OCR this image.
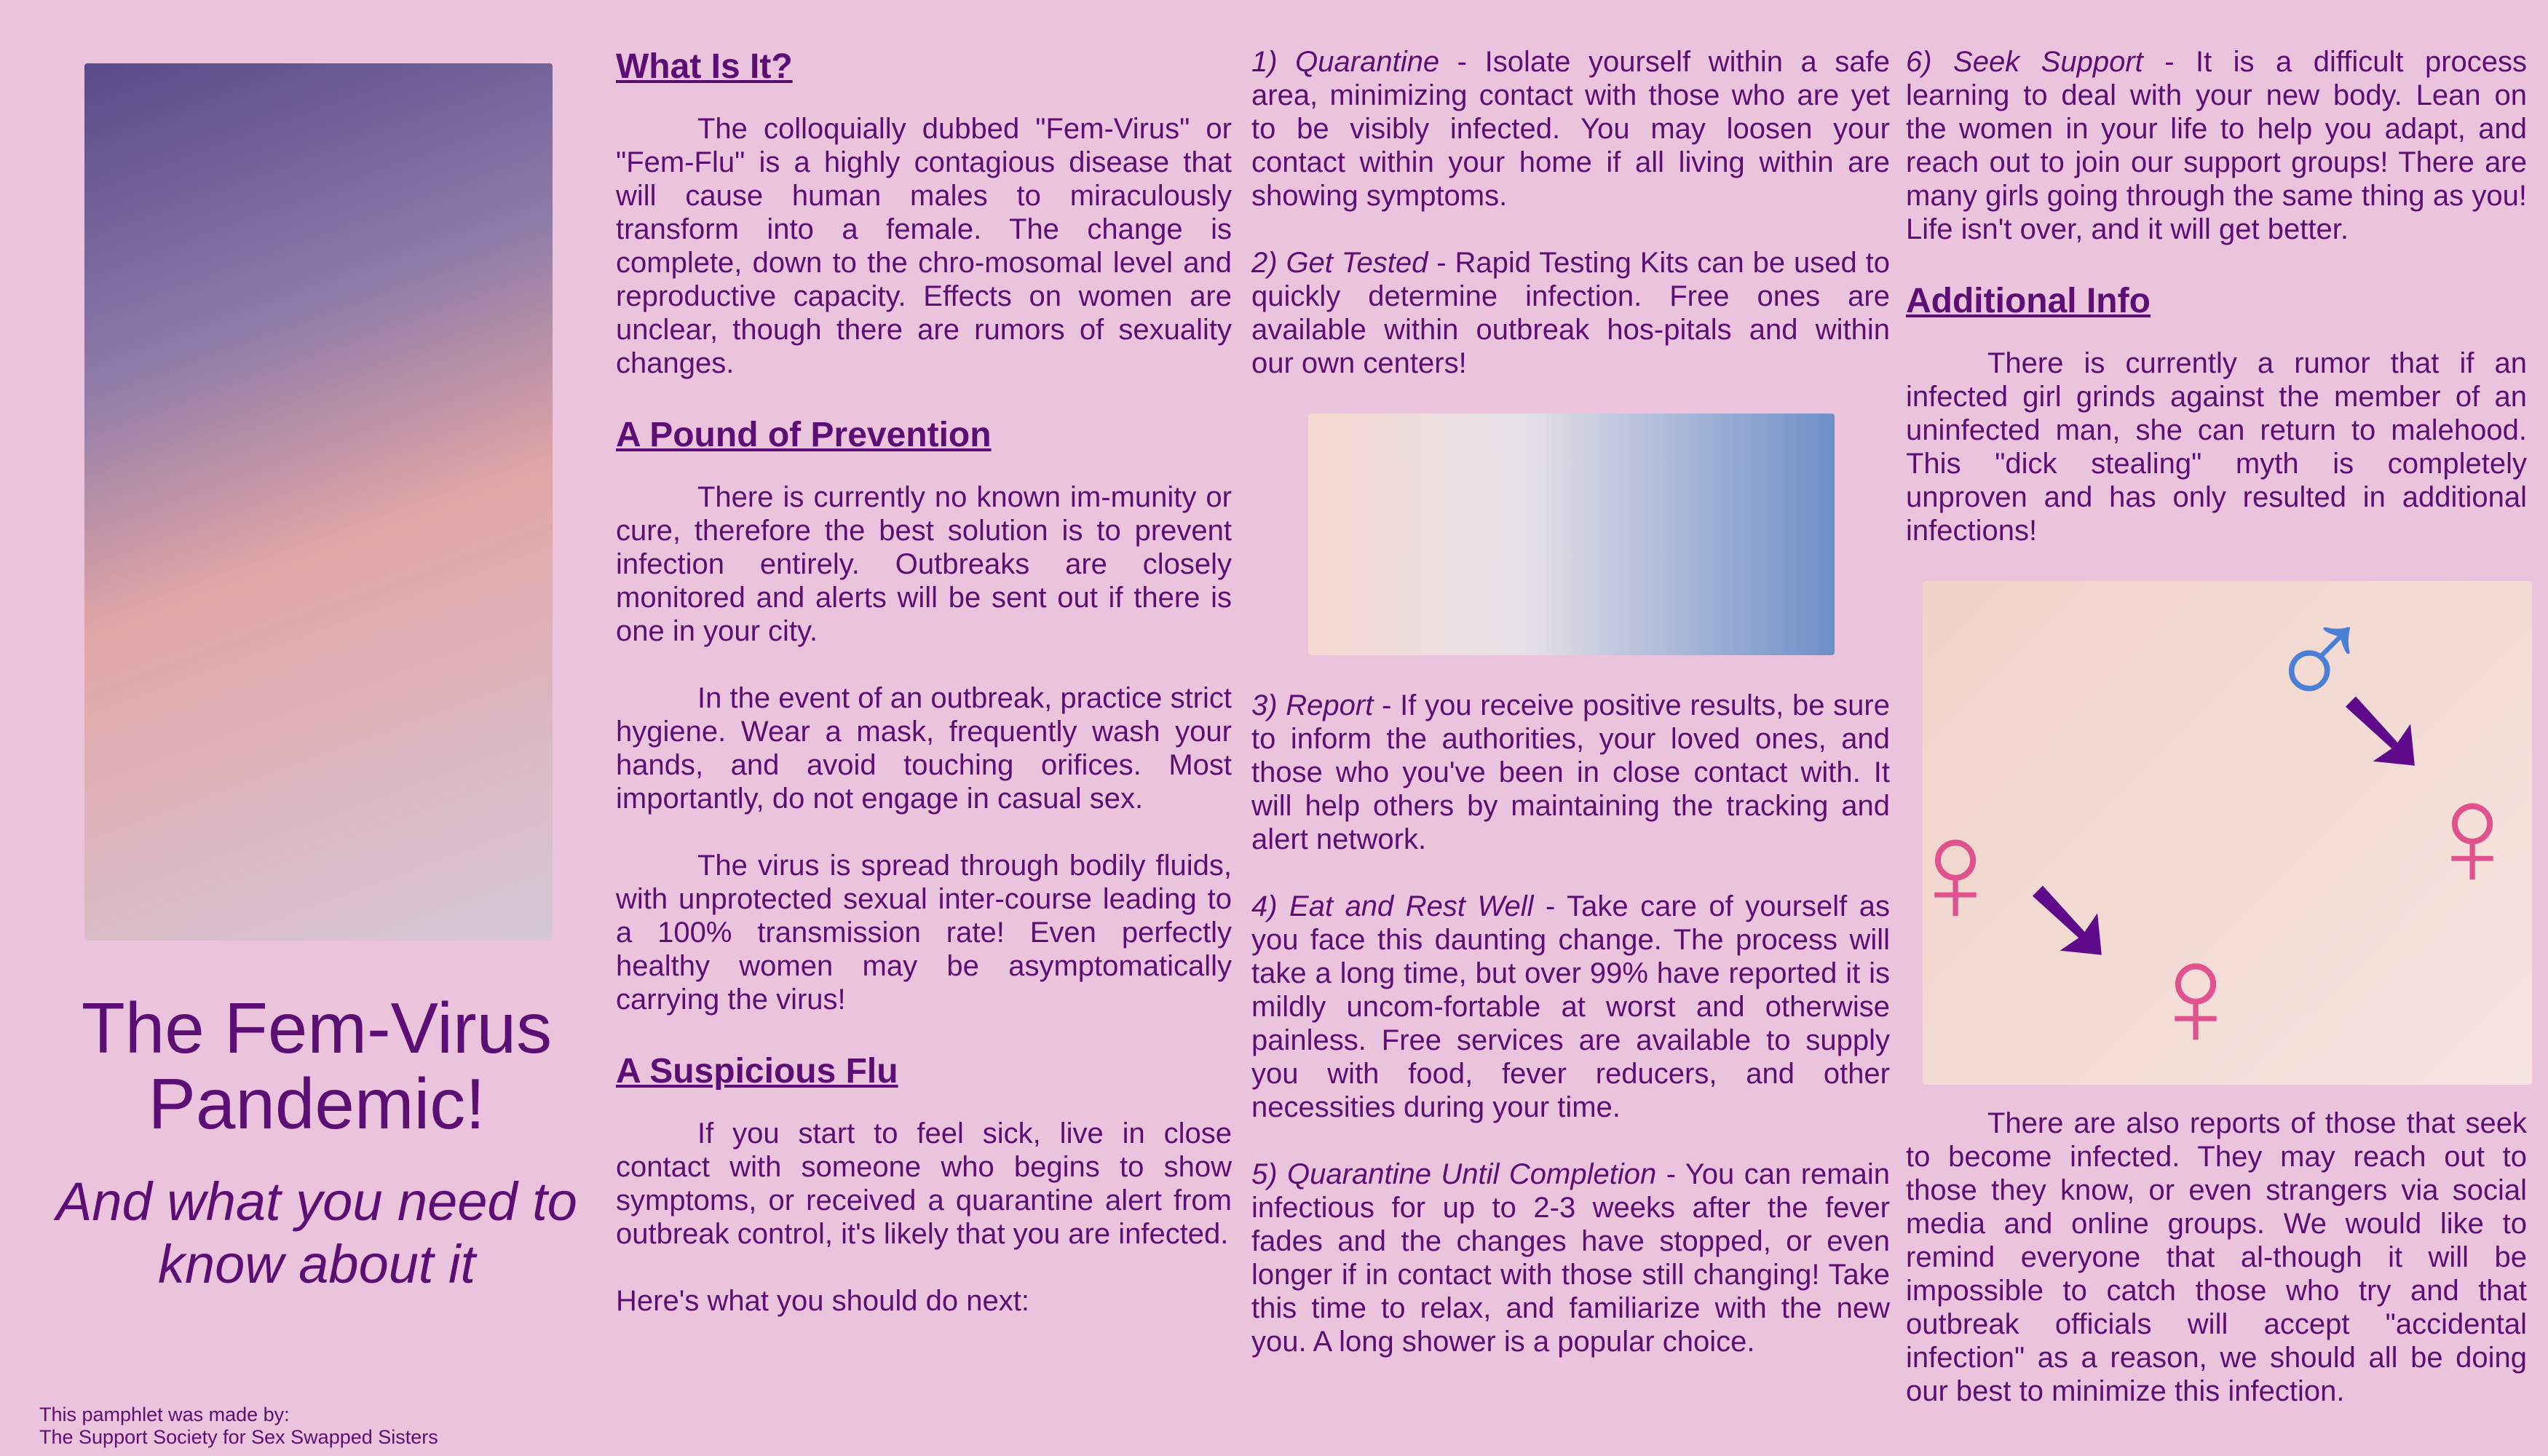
The Fem-Virus Pandemic!
And what you need to know about it
This pamphlet was made by:
The Support Society for Sex Swapped Sisters
What Is It?

The colloquially dubbed "Fem-Virus" or "Fem-Flu" is a highly contagious disease that will cause human males to miraculously transform into a female. The change is complete, down to the chro-mosomal level and reproductive capacity. Effects on women are unclear, though there are rumors of sexuality changes.

A Pound of Prevention

There is currently no known im-munity or cure, therefore the best solution is to prevent infection entirely. Outbreaks are closely monitored and alerts will be sent out if there is one in your city.

In the event of an outbreak, practice strict hygiene. Wear a mask, frequently wash your hands, and avoid touching orifices. Most importantly, do not engage in casual sex.

The virus is spread through bodily fluids, with unprotected sexual inter-course leading to a 100% transmission rate! Even perfectly healthy women may be asymptomatically carrying the virus!

A Suspicious Flu

If you start to feel sick, live in close contact with someone who begins to show symptoms, or received a quarantine alert from outbreak control, it's likely that you are infected.

Here's what you should do next:

1) Quarantine - Isolate yourself within a safe area, minimizing contact with those who are yet to be visibly infected. You may loosen your contact within your home if all living within are showing symptoms.

2) Get Tested - Rapid Testing Kits can be used to quickly determine infection. Free ones are available within outbreak hos-pitals and within our own centers!

3) Report - If you receive positive results, be sure to inform the authorities, your loved ones, and those who you've been in close contact with. It will help others by maintaining the tracking and alert network.

4) Eat and Rest Well - Take care of yourself as you face this daunting change. The process will take a long time, but over 99% have reported it is mildly uncom-fortable at worst and otherwise painless. Free services are available to supply you with food, fever reducers, and other necessities during your time.

5) Quarantine Until Completion - You can remain infectious for up to 2-3 weeks after the fever fades and the changes have stopped, or even longer if in contact with those still changing! Take this time to relax, and familiarize with the new you. A long shower is a popular choice.

6) Seek Support - It is a difficult process learning to deal with your new body. Lean on the women in your life to help you adapt, and reach out to join our support groups! There are many girls going through the same thing as you! Life isn't over, and it will get better.

Additional Info

There is currently a rumor that if an infected girl grinds against the member of an uninfected man, she can return to malehood. This "dick stealing" myth is completely unproven and has only resulted in additional infections!

♂
♀	♀
♀
➘
➘

There are also reports of those that seek to become infected. They may reach out to those they know, or even strangers via social media and online groups. We would like to remind everyone that al-though it will be impossible to catch those who try and that outbreak officials will accept "accidental infection" as a reason, we should all be doing our best to minimize this infection.
